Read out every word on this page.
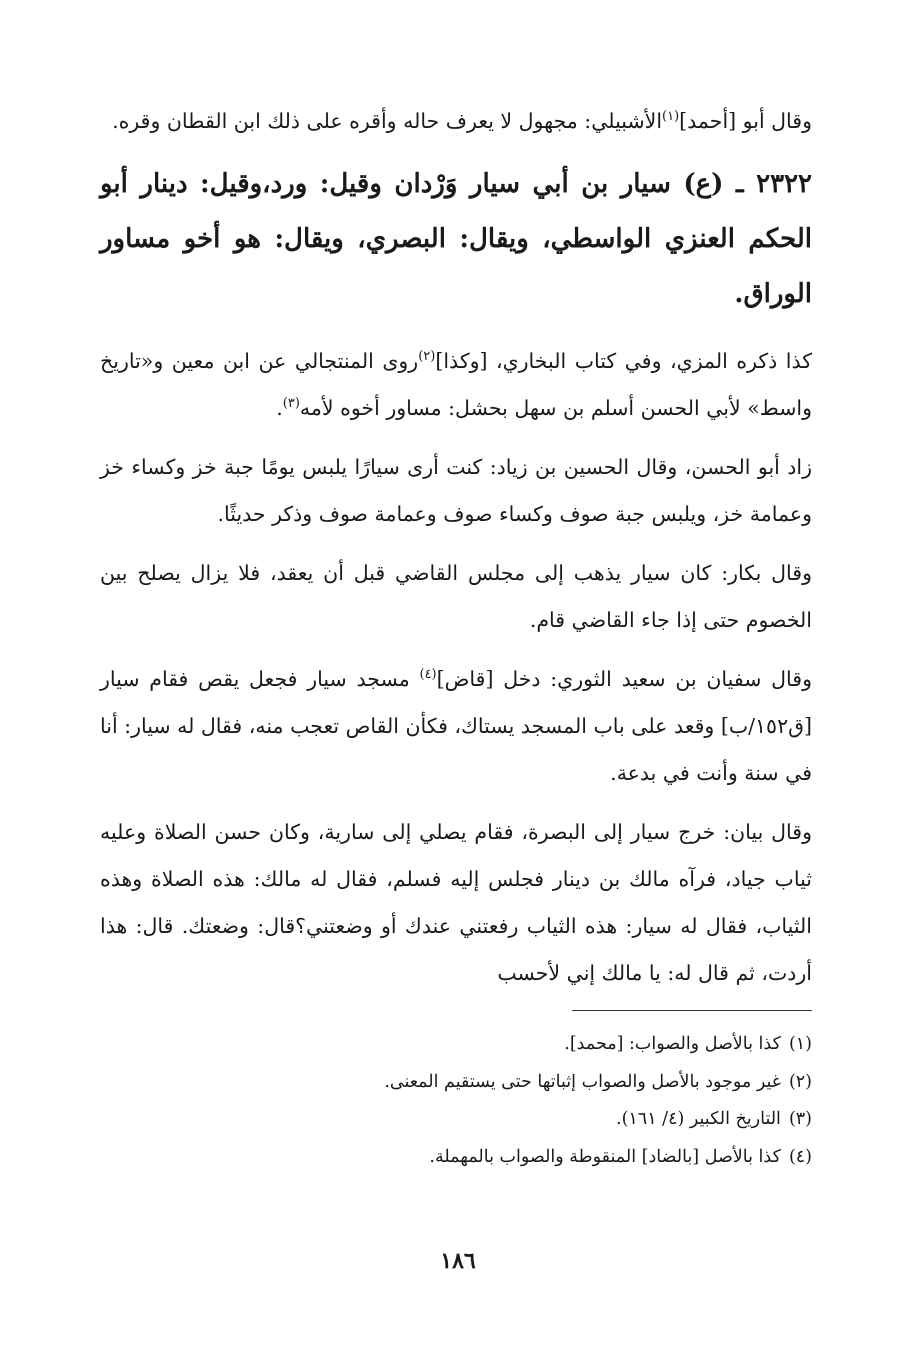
وقال أبو [أحمد]$^{(١)}$الأشبيلي: مجهول لا يعرف حاله وأقره على ذلك ابن القطان وقره.

٢٣٢٢ ـ (ع) سيار بن أبي سيار وَرْدان وقيل: ورد،وقيل: دينار أبو الحكم العنزي الواسطي، ويقال: البصري، ويقال: هو أخو مساور الوراق.

كذا ذكره المزي، وفي كتاب البخاري، [وكذا]$^{(٢)}$روى المنتجالي عن ابن معين و«تاريخ واسط» لأبي الحسن أسلم بن سهل بحشل: مساور أخوه لأمه$^{(٣)}$.

زاد أبو الحسن، وقال الحسين بن زياد: كنت أرى سيارًا يلبس يومًا جبة خز وكساء خز وعمامة خز، ويلبس جبة صوف وكساء صوف وعمامة صوف وذكر حديثًا.

وقال بكار: كان سيار يذهب إلى مجلس القاضي قبل أن يعقد، فلا يزال يصلح بين الخصوم حتى إذا جاء القاضي قام.

وقال سفيان بن سعيد الثوري: دخل [قاض]$^{(٤)}$ مسجد سيار فجعل يقص فقام سيار [ق١٥٢/ب] وقعد على باب المسجد يستاك، فكأن القاص تعجب منه، فقال له سيار: أنا في سنة وأنت في بدعة.

وقال بيان: خرج سيار إلى البصرة، فقام يصلي إلى سارية، وكان حسن الصلاة وعليه ثياب جياد، فرآه مالك بن دينار فجلس إليه فسلم، فقال له مالك: هذه الصلاة وهذه الثياب، فقال له سيار: هذه الثياب رفعتني عندك أو وضعتني؟قال: وضعتك. قال: هذا أردت، ثم قال له: يا مالك إني لأحسب

(١)كذا بالأصل والصواب: [محمد].

(٢)غير موجود بالأصل والصواب إثباتها حتى يستقيم المعنى.

(٣)التاريخ الكبير (٤/ ١٦١).

(٤)كذا بالأصل [بالضاد] المنقوطة والصواب بالمهملة.

١٨٦
